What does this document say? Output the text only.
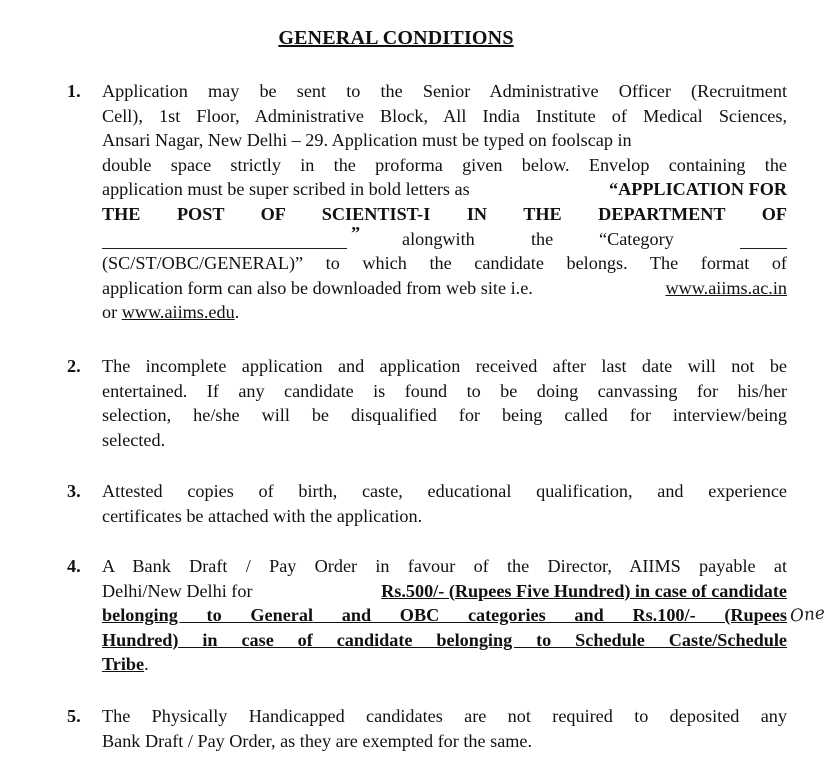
GENERAL CONDITIONS
1.	Application may be sent to the Senior Administrative Officer (Recruitment
Cell), 1st Floor, Administrative Block, All India Institute of Medical Sciences,
Ansari Nagar, New Delhi – 29. Application must be typed on foolscap in
double space strictly in the proforma given below. Envelop containing the
application must be super scribed in bold letters as	“APPLICATION FOR
THE POST OF SCIENTIST-I IN THE DEPARTMENT OF
” alongwith	the	“Category
(SC/ST/OBC/GENERAL)” to which the candidate belongs. The format of
application form can also be downloaded from web site i.e.	www.aiims.ac.in
or www.aiims.edu.
2.	The incomplete application and application received after last date will not be
entertained. If any candidate is found to be doing canvassing for his/her
selection, he/she will be disqualified for being called for interview/being
selected.
3.	Attested copies of birth, caste, educational qualification, and experience
certificates be attached with the application.
4.	A Bank Draft / Pay Order in favour of the Director, AIIMS payable at
Delhi/New Delhi for	Rs.500/- (Rupees Five Hundred) in case of candidate
belonging to General and OBC categories and Rs.100/- (Rupees
Hundred) in case of candidate belonging to Schedule Caste/Schedule
Tribe.
5.	The Physically Handicapped candidates are not required to deposited any
Bank Draft / Pay Order, as they are exempted for the same.
One
